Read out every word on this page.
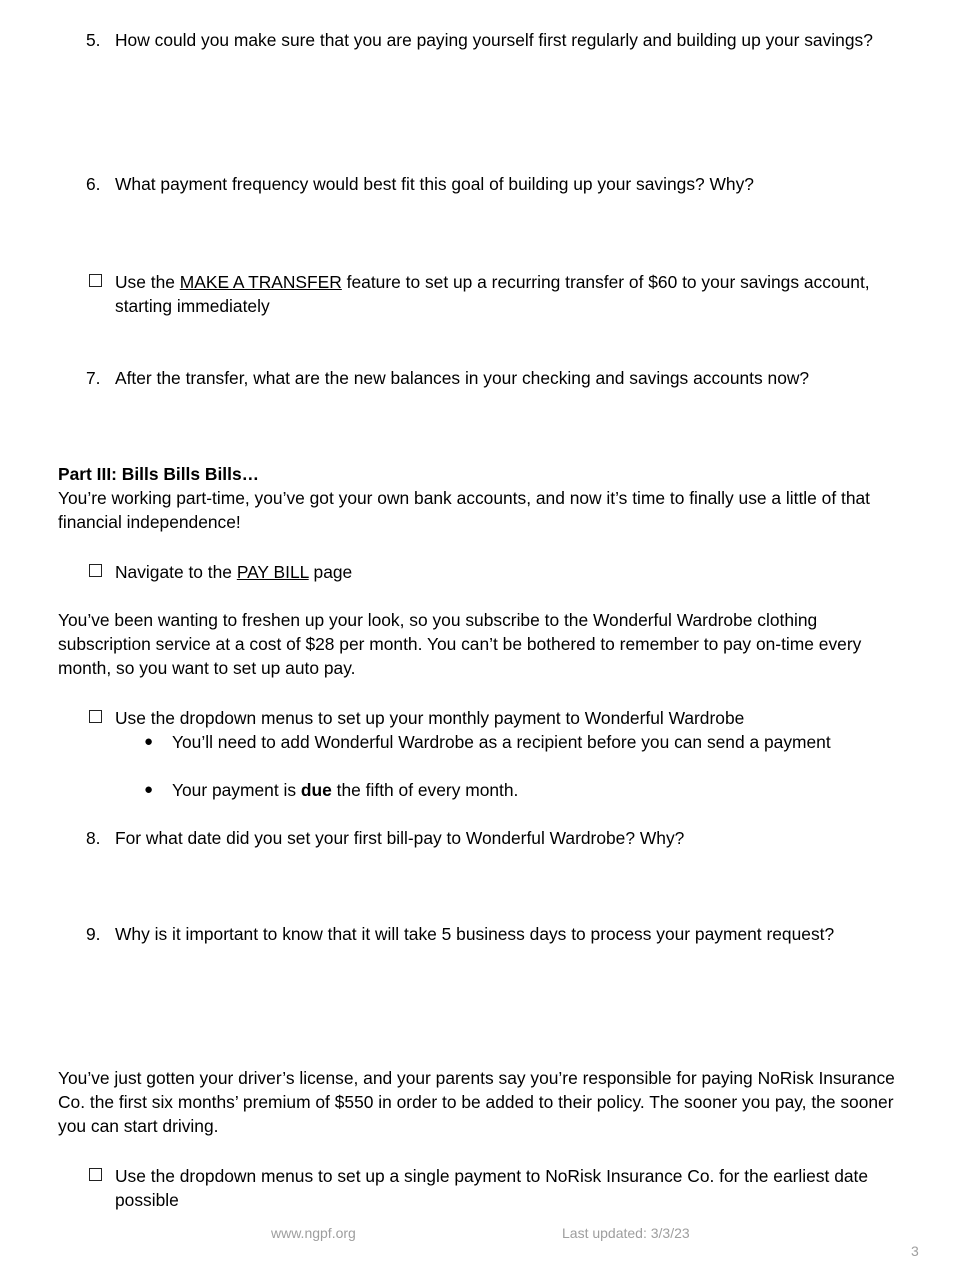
5. How could you make sure that you are paying yourself first regularly and building up your savings?
6. What payment frequency would best fit this goal of building up your savings? Why?
Use the MAKE A TRANSFER feature to set up a recurring transfer of $60 to your savings account, starting immediately
7. After the transfer, what are the new balances in your checking and savings accounts now?
Part III: Bills Bills Bills…
You’re working part-time, you’ve got your own bank accounts, and now it’s time to finally use a little of that financial independence!
Navigate to the PAY BILL page
You’ve been wanting to freshen up your look, so you subscribe to the Wonderful Wardrobe clothing subscription service at a cost of $28 per month. You can’t be bothered to remember to pay on-time every month, so you want to set up auto pay.
Use the dropdown menus to set up your monthly payment to Wonderful Wardrobe
● You’ll need to add Wonderful Wardrobe as a recipient before you can send a payment
● Your payment is due the fifth of every month.
8. For what date did you set your first bill-pay to Wonderful Wardrobe? Why?
9. Why is it important to know that it will take 5 business days to process your payment request?
You’ve just gotten your driver’s license, and your parents say you’re responsible for paying NoRisk Insurance Co. the first six months’ premium of $550 in order to be added to their policy. The sooner you pay, the sooner you can start driving.
Use the dropdown menus to set up a single payment to NoRisk Insurance Co. for the earliest date possible
www.ngpf.org	Last updated: 3/3/23
3
